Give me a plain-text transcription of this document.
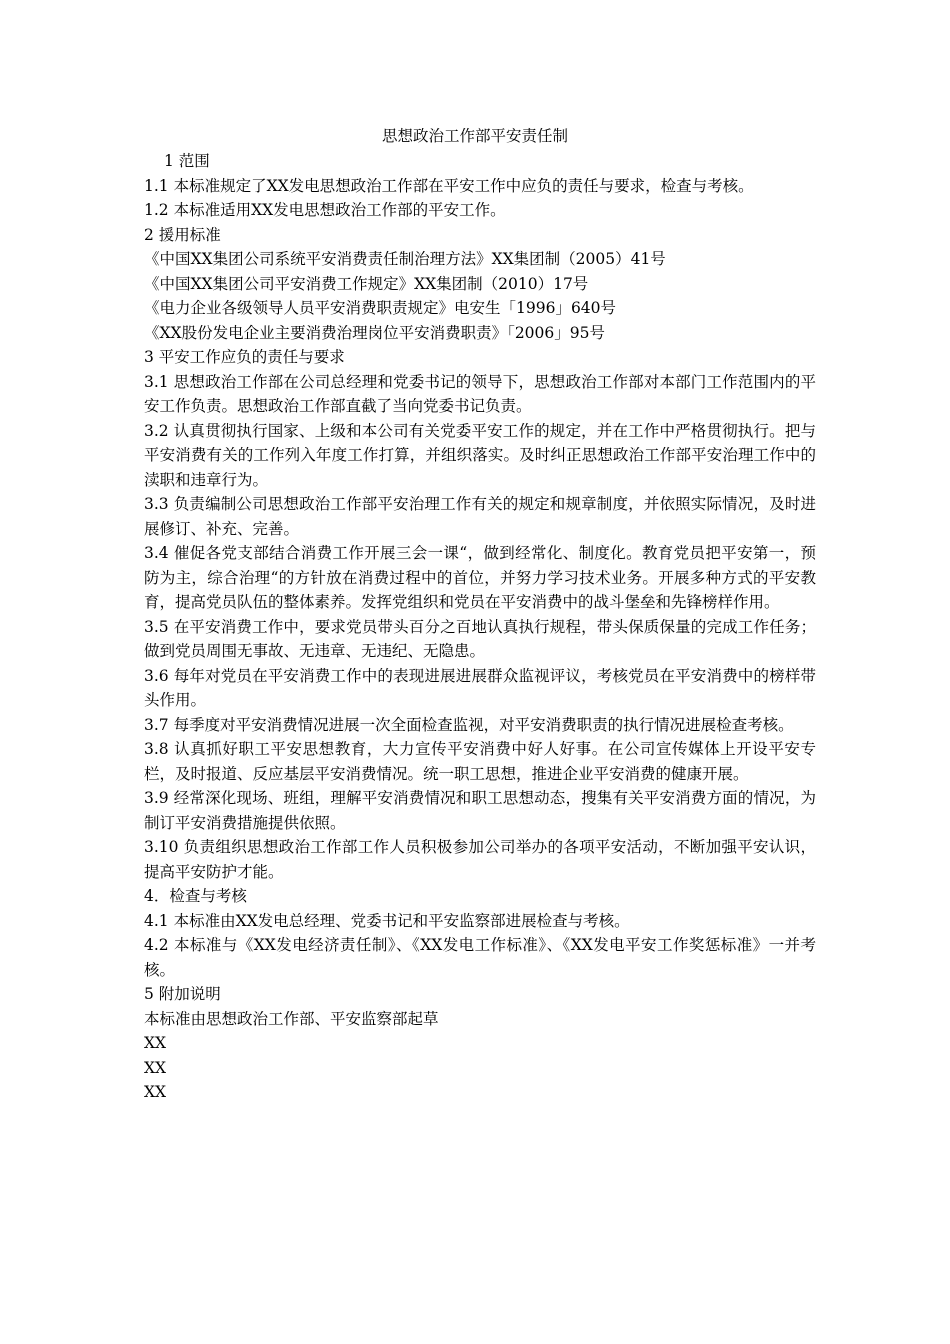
思想政治工作部平安责任制

1 范围

1.1 本标准规定了XX发电思想政治工作部在平安工作中应负的责任与要求，检查与考核。

1.2 本标准适用XX发电思想政治工作部的平安工作。

2 援用标准

《中国XX集团公司系统平安消费责任制治理方法》XX集团制（2005）41号

《中国XX集团公司平安消费工作规定》XX集团制（2010）17号

《电力企业各级领导人员平安消费职责规定》电安生「1996」640号

《XX股份发电企业主要消费治理岗位平安消费职责》「2006」95号

3 平安工作应负的责任与要求

3.1 思想政治工作部在公司总经理和党委书记的领导下，思想政治工作部对本部门工作范围内的平安工作负责。思想政治工作部直截了当向党委书记负责。

3.2 认真贯彻执行国家、上级和本公司有关党委平安工作的规定，并在工作中严格贯彻执行。把与平安消费有关的工作列入年度工作打算，并组织落实。及时纠正思想政治工作部平安治理工作中的渎职和违章行为。

3.3 负责编制公司思想政治工作部平安治理工作有关的规定和规章制度，并依照实际情况，及时进展修订、补充、完善。

3.4 催促各党支部结合消费工作开展三会一课“，做到经常化、制度化。教育党员把平安第一，预防为主，综合治理“的方针放在消费过程中的首位，并努力学习技术业务。开展多种方式的平安教育，提高党员队伍的整体素养。发挥党组织和党员在平安消费中的战斗堡垒和先锋榜样作用。

3.5 在平安消费工作中，要求党员带头百分之百地认真执行规程，带头保质保量的完成工作任务；做到党员周围无事故、无违章、无违纪、无隐患。

3.6 每年对党员在平安消费工作中的表现进展进展群众监视评议，考核党员在平安消费中的榜样带头作用。

3.7 每季度对平安消费情况进展一次全面检查监视，对平安消费职责的执行情况进展检查考核。

3.8 认真抓好职工平安思想教育，大力宣传平安消费中好人好事。在公司宣传媒体上开设平安专栏，及时报道、反应基层平安消费情况。统一职工思想，推进企业平安消费的健康开展。

3.9 经常深化现场、班组，理解平安消费情况和职工思想动态，搜集有关平安消费方面的情况，为制订平安消费措施提供依照。

3.10 负责组织思想政治工作部工作人员积极参加公司举办的各项平安活动，不断加强平安认识，提高平安防护才能。

4．检查与考核

4.1 本标准由XX发电总经理、党委书记和平安监察部进展检查与考核。

4.2 本标准与《XX发电经济责任制》、《XX发电工作标准》、《XX发电平安工作奖惩标准》一并考核。

5 附加说明

本标准由思想政治工作部、平安监察部起草

XX

XX

XX
